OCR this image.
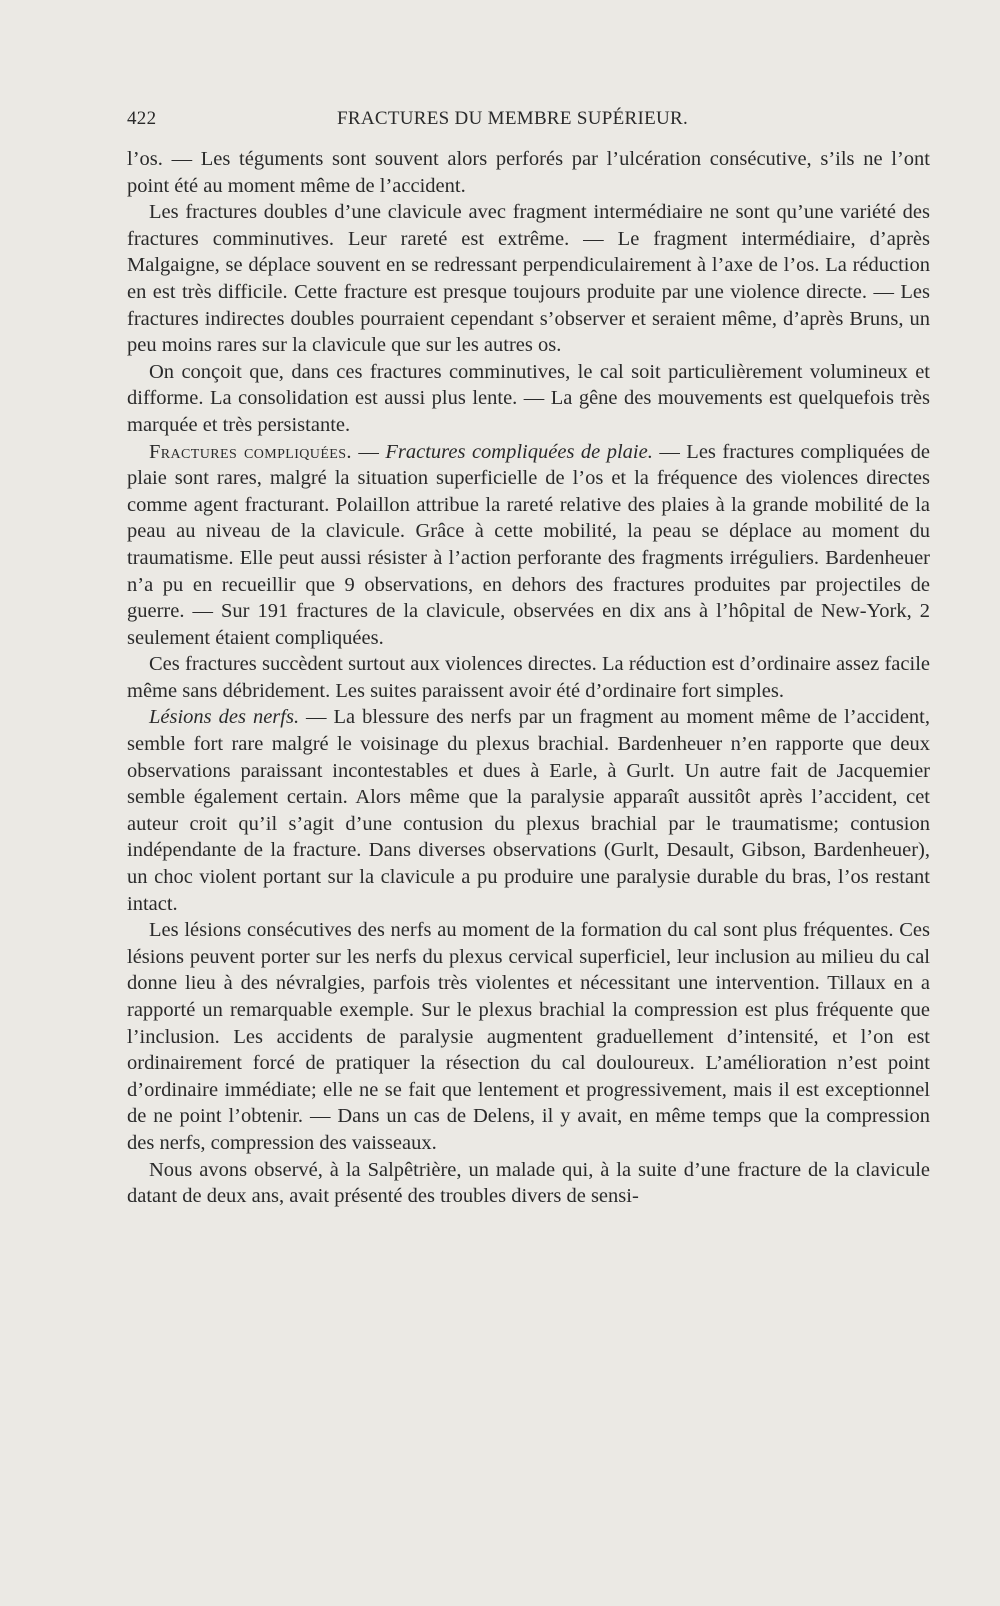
422	FRACTURES DU MEMBRE SUPÉRIEUR.

l’os. — Les téguments sont souvent alors perforés par l’ulcération consécutive, s’ils ne l’ont point été au moment même de l’accident.

Les fractures doubles d’une clavicule avec fragment intermédiaire ne sont qu’une variété des fractures comminutives. Leur rareté est extrême. — Le fragment intermédiaire, d’après Malgaigne, se déplace souvent en se redressant perpendiculairement à l’axe de l’os. La réduction en est très difficile. Cette fracture est presque toujours produite par une violence directe. — Les fractures indirectes doubles pourraient cependant s’observer et seraient même, d’après Bruns, un peu moins rares sur la clavicule que sur les autres os.

On conçoit que, dans ces fractures comminutives, le cal soit particulièrement volumineux et difforme. La consolidation est aussi plus lente. — La gêne des mouvements est quelquefois très marquée et très persistante.

Fractures compliquées. — Fractures compliquées de plaie. — Les fractures compliquées de plaie sont rares, malgré la situation superficielle de l’os et la fréquence des violences directes comme agent fracturant. Polaillon attribue la rareté relative des plaies à la grande mobilité de la peau au niveau de la clavicule. Grâce à cette mobilité, la peau se déplace au moment du traumatisme. Elle peut aussi résister à l’action perforante des fragments irréguliers. Bardenheuer n’a pu en recueillir que 9 observations, en dehors des fractures produites par projectiles de guerre. — Sur 191 fractures de la clavicule, observées en dix ans à l’hôpital de New-York, 2 seulement étaient compliquées.

Ces fractures succèdent surtout aux violences directes. La réduction est d’ordinaire assez facile même sans débridement. Les suites paraissent avoir été d’ordinaire fort simples.

Lésions des nerfs. — La blessure des nerfs par un fragment au moment même de l’accident, semble fort rare malgré le voisinage du plexus brachial. Bardenheuer n’en rapporte que deux observations paraissant incontestables et dues à Earle, à Gurlt. Un autre fait de Jacquemier semble également certain. Alors même que la paralysie apparaît aussitôt après l’accident, cet auteur croit qu’il s’agit d’une contusion du plexus brachial par le traumatisme; contusion indépendante de la fracture. Dans diverses observations (Gurlt, Desault, Gibson, Bardenheuer), un choc violent portant sur la clavicule a pu produire une paralysie durable du bras, l’os restant intact.

Les lésions consécutives des nerfs au moment de la formation du cal sont plus fréquentes. Ces lésions peuvent porter sur les nerfs du plexus cervical superficiel, leur inclusion au milieu du cal donne lieu à des névralgies, parfois très violentes et nécessitant une intervention. Tillaux en a rapporté un remarquable exemple. Sur le plexus brachial la compression est plus fréquente que l’inclusion. Les accidents de paralysie augmentent graduellement d’intensité, et l’on est ordinairement forcé de pratiquer la résection du cal douloureux. L’amélioration n’est point d’ordinaire immédiate; elle ne se fait que lentement et progressivement, mais il est exceptionnel de ne point l’obtenir. — Dans un cas de Delens, il y avait, en même temps que la compression des nerfs, compression des vaisseaux.

Nous avons observé, à la Salpêtrière, un malade qui, à la suite d’une fracture de la clavicule datant de deux ans, avait présenté des troubles divers de sensi-
